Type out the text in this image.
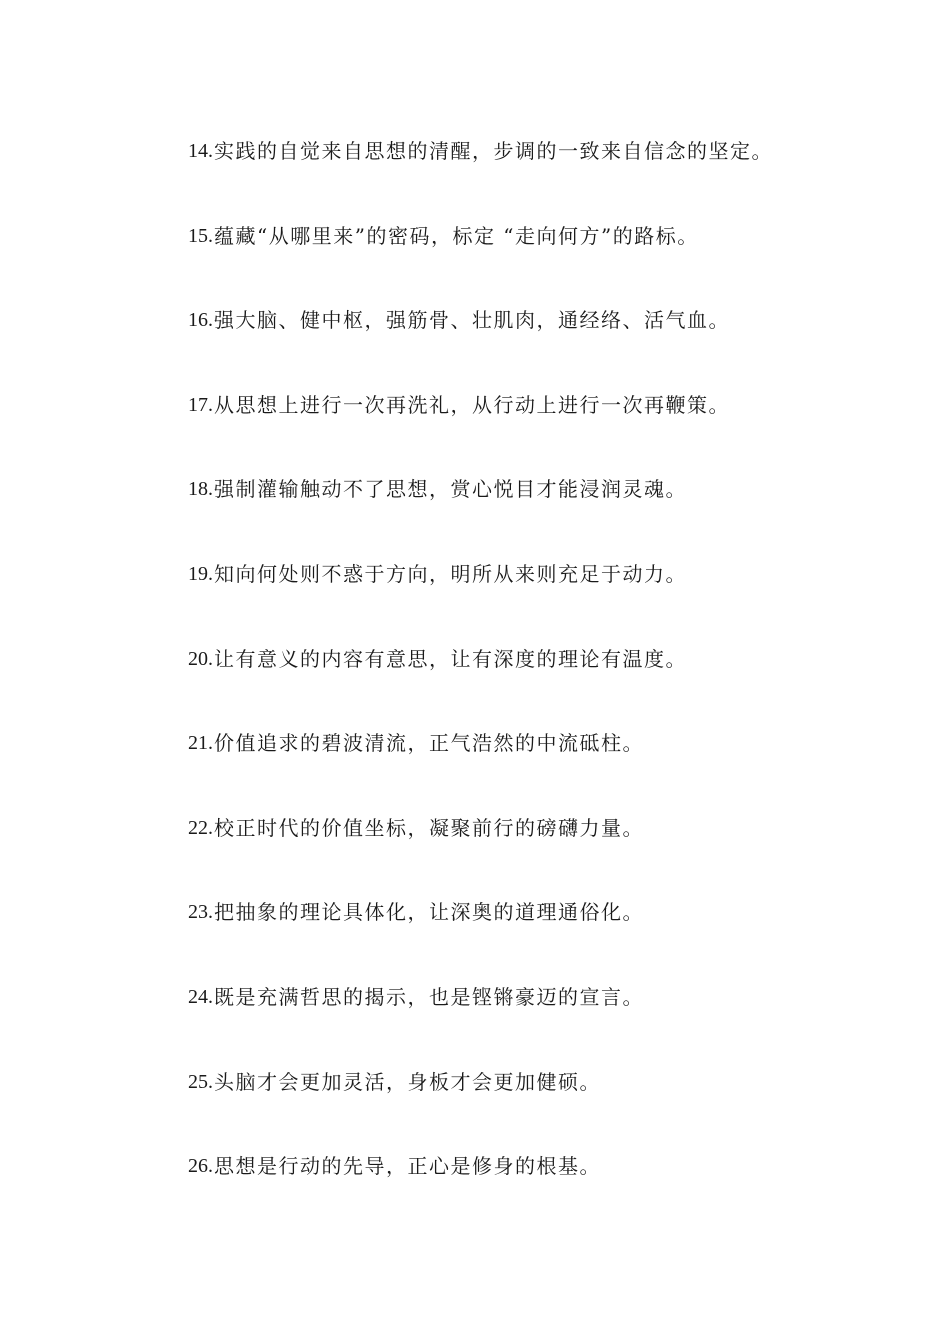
14 . 实践的自觉来自思想的清醒，步调的一致来自信念的坚定。
15 . 蕴藏“从哪里来”的密码，标定 “走向何方”的路标。
16 . 强大脑、健中枢，强筋骨、壮肌肉，通经络、活气血。
17 . 从思想上进行一次再洗礼，从行动上进行一次再鞭策。
18 . 强制灌输触动不了思想，赏心悦目才能浸润灵魂。
19 . 知向何处则不惑于方向，明所从来则充足于动力。
20 . 让有意义的内容有意思，让有深度的理论有温度。
21 . 价值追求的碧波清流，正气浩然的中流砥柱。
22 . 校正时代的价值坐标，凝聚前行的磅礴力量。
23 . 把抽象的理论具体化，让深奥的道理通俗化。
24 . 既是充满哲思的揭示，也是铿锵豪迈的宣言。
25 . 头脑才会更加灵活，身板才会更加健硕。
26 . 思想是行动的先导，正心是修身的根基。
